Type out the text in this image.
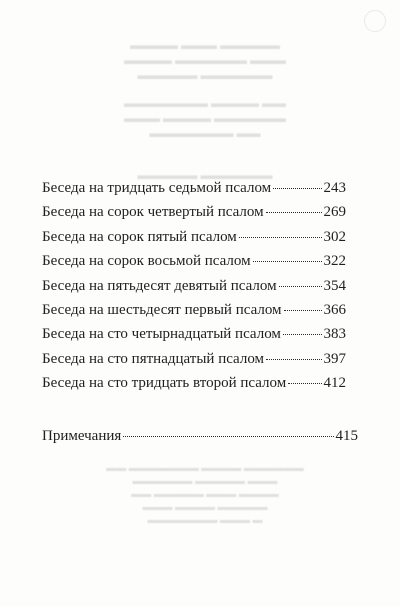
▬▬▬▬▬ ▬▬▬ ▬▬▬▬
▬▬▬ ▬▬▬▬▬▬ ▬▬▬▬
▬▬▬▬▬▬ ▬▬▬▬▬
▬▬ ▬▬▬▬ ▬▬▬▬▬▬▬
▬▬▬▬▬▬ ▬▬▬▬ ▬▬▬
▬▬ ▬▬▬▬▬▬▬
▬▬▬▬▬▬ ▬▬▬▬▬
▬▬▬▬▬▬ ▬▬▬▬ ▬▬▬▬▬▬▬ ▬▬
▬▬▬ ▬▬▬▬▬ ▬▬▬▬▬▬
▬▬▬▬ ▬▬▬ ▬▬▬▬▬ ▬▬
▬▬▬▬▬ ▬▬▬▬ ▬▬▬
▬ ▬▬▬ ▬▬▬▬▬▬▬
Беседа на тридцать седьмой псалом	243
Беседа на сорок четвертый псалом	269
Беседа на сорок пятый псалом	302
Беседа на сорок восьмой псалом	322
Беседа на пятьдесят девятый псалом	354
Беседа на шестьдесят первый псалом	366
Беседа на сто четырнадцатый псалом	383
Беседа на сто пятнадцатый псалом	397
Беседа на сто тридцать второй псалом 412
Примечания	415
